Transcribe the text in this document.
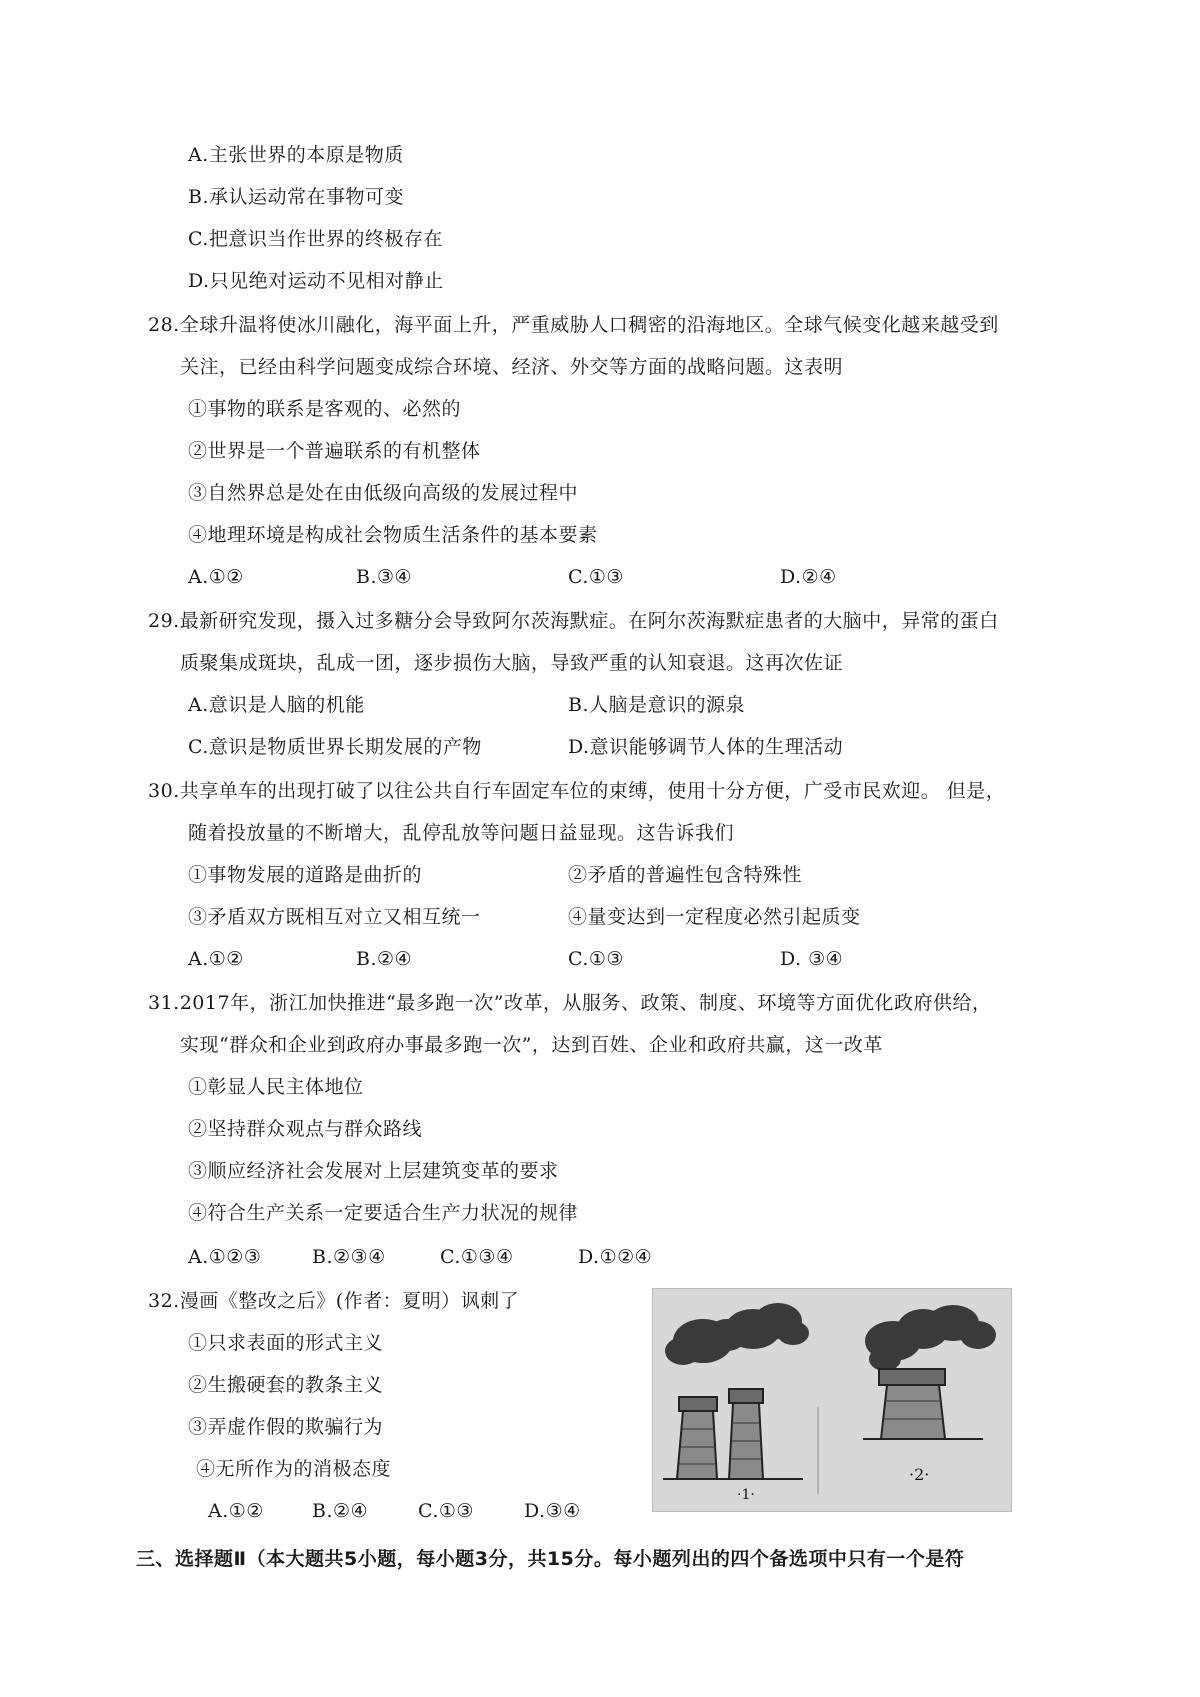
A.主张世界的本原是物质
B.承认运动常在事物可变
C.把意识当作世界的终极存在
D.只见绝对运动不见相对静止
28.全球升温将使冰川融化，海平面上升，严重威胁人口稠密的沿海地区。全球气候变化越来越受到
关注，已经由科学问题变成综合环境、经济、外交等方面的战略问题。这表明
①事物的联系是客观的、必然的
②世界是一个普遍联系的有机整体
③自然界总是处在由低级向高级的发展过程中
④地理环境是构成社会物质生活条件的基本要素
A.①②	B.③④	C.①③	D.②④
29.最新研究发现，摄入过多糖分会导致阿尔茨海默症。在阿尔茨海默症患者的大脑中，异常的蛋白
质聚集成斑块，乱成一团，逐步损伤大脑，导致严重的认知衰退。这再次佐证
A.意识是人脑的机能	B.人脑是意识的源泉
C.意识是物质世界长期发展的产物	D.意识能够调节人体的生理活动
30.共享单车的出现打破了以往公共自行车固定车位的束缚，使用十分方便，广受市民欢迎。 但是，
随着投放量的不断增大，乱停乱放等问题日益显现。这告诉我们
①事物发展的道路是曲折的	②矛盾的普遍性包含特殊性
③矛盾双方既相互对立又相互统一	④量变达到一定程度必然引起质变
A.①②	B.②④	C.①③	D. ③④
31.2017年，浙江加快推进“最多跑一次”改革，从服务、政策、制度、环境等方面优化政府供给，
实现“群众和企业到政府办事最多跑一次”，达到百姓、企业和政府共赢，这一改革
①彰显人民主体地位
②坚持群众观点与群众路线
③顺应经济社会发展对上层建筑变革的要求
④符合生产关系一定要适合生产力状况的规律
A.①②③	B.②③④	C.①③④	D.①②④
32.漫画《整改之后》(作者：夏明）讽刺了
①只求表面的形式主义
②生搬硬套的教条主义
③弄虚作假的欺骗行为
④无所作为的消极态度
A.①②	B.②④	C.①③	D.③④
·1·
·2·
三、选择题Ⅱ（本大题共5小题，每小题3分，共15分。每小题列出的四个备选项中只有一个是符
